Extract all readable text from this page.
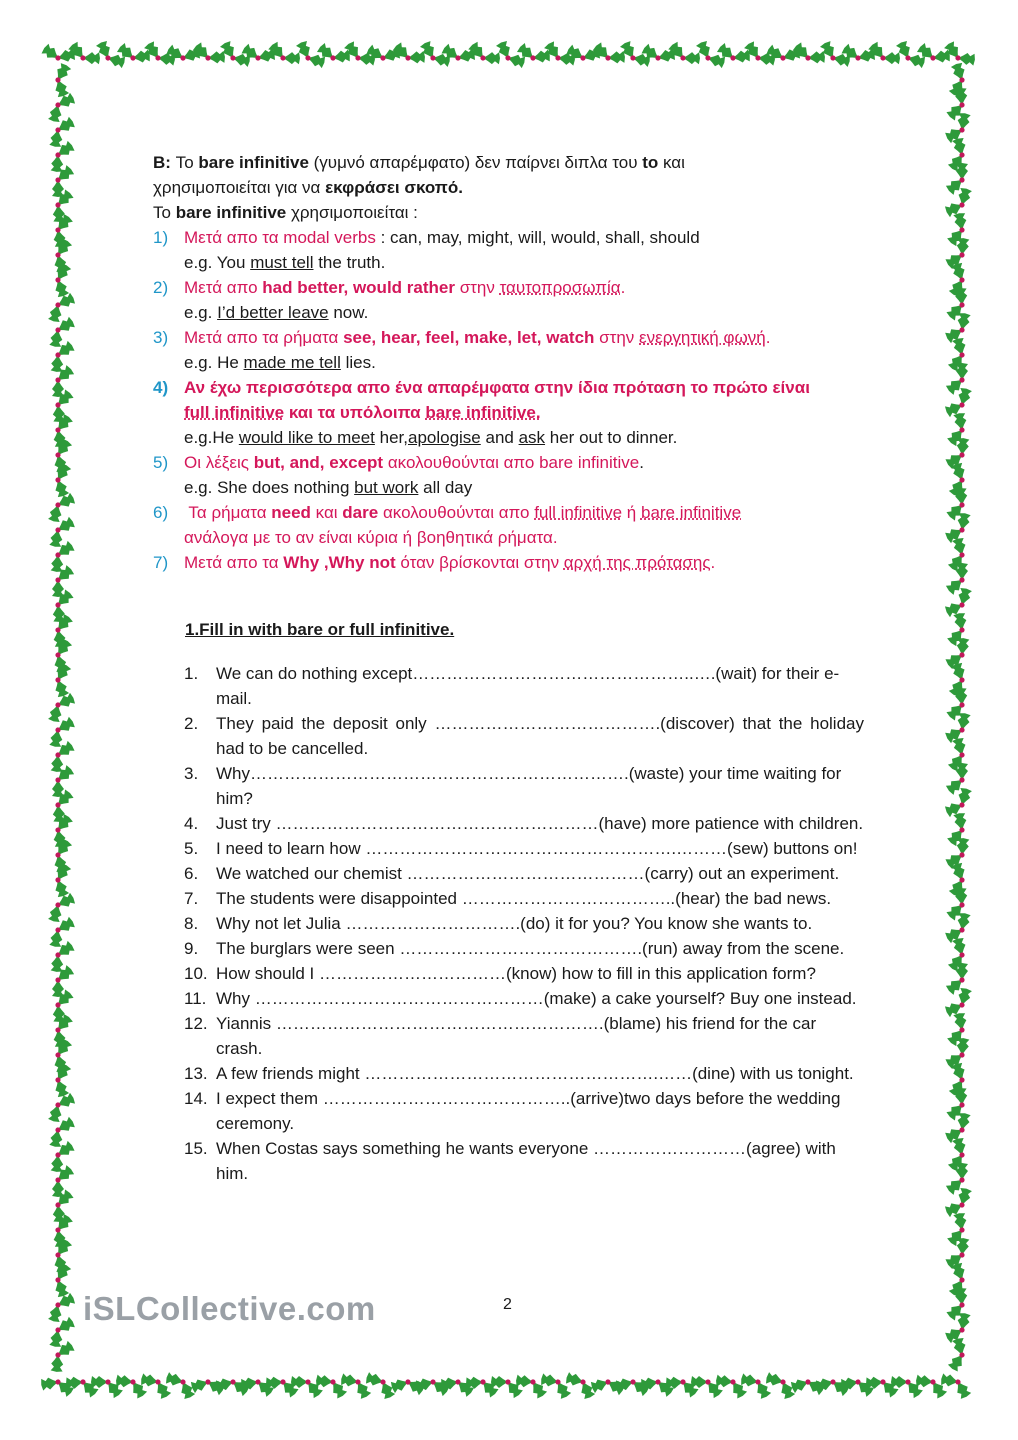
B: Το bare infinitive (γυμνό απαρέμφατο) δεν παίρνει διπλα του to και
χρησιμοποιείται για να εκφράσει σκοπό.
Το bare infinitive χρησιμοποιείται :
1) Μετά απο τα modal verbs : can, may, might, will, would, shall, should
e.g. You must tell the truth.
2) Μετά απο had better, would rather στην ταυτοπροσωπία.
e.g. I’d better leave now.
3) Μετά απο τα ρήματα see, hear, feel, make, let, watch στην ενεργητική φωνή.
e.g. He made me tell lies.
4) Αν έχω περισσότερα απο ένα απαρέμφατα στην ίδια πρόταση το πρώτο είναι
full infinitive και τα υπόλοιπα bare infinitive.
e.g.He would like to meet her,apologise and ask her out to dinner.
5) Οι λέξεις but, and, except ακολουθούνται απο bare infinitive.
e.g. She does nothing but work all day
6) Τα ρήματα need και dare ακολουθούνται απο full infinitive ή bare infinitive
ανάλογα με το αν είναι κύρια ή βοηθητικά ρήματα.
7) Μετά απο τα Why ,Why not όταν βρίσκονται στην αρχή της πρότασης.
1.Fill in with bare or full infinitive.
1.	We can do nothing except…………………………………………..….(wait) for their e-mail.
2.	They paid the deposit only ………………………………….(discover) that the holiday had to be cancelled.
3.	Why………………………………………………………….(waste) your time waiting for him?
4.	Just try …………………………………………………(have) more patience with children.
5.	I need to learn how ……………………………………………….………(sew) buttons on!
6.	We watched our chemist ……………………………………(carry) out an experiment.
7.	The students were disappointed ………………………………..(hear) the bad news.
8.	Why not let Julia ………………………….(do) it for you? You know she wants to.
9.	The burglars were seen …………………………………….(run) away from the scene.
10. How should I ……………………………(know) how to fill in this application form?
11. Why ……………………………………………(make) a cake yourself? Buy one instead.
12. Yiannis ………………………………………………….(blame) his friend for the car crash.
13. A few friends might …………………………………………….……(dine) with us tonight.
14. I expect them ……………………………………..(arrive)two days before the wedding ceremony.
15. When Costas says something he wants everyone ………………………(agree) with him.
iSLCollective.com	2
